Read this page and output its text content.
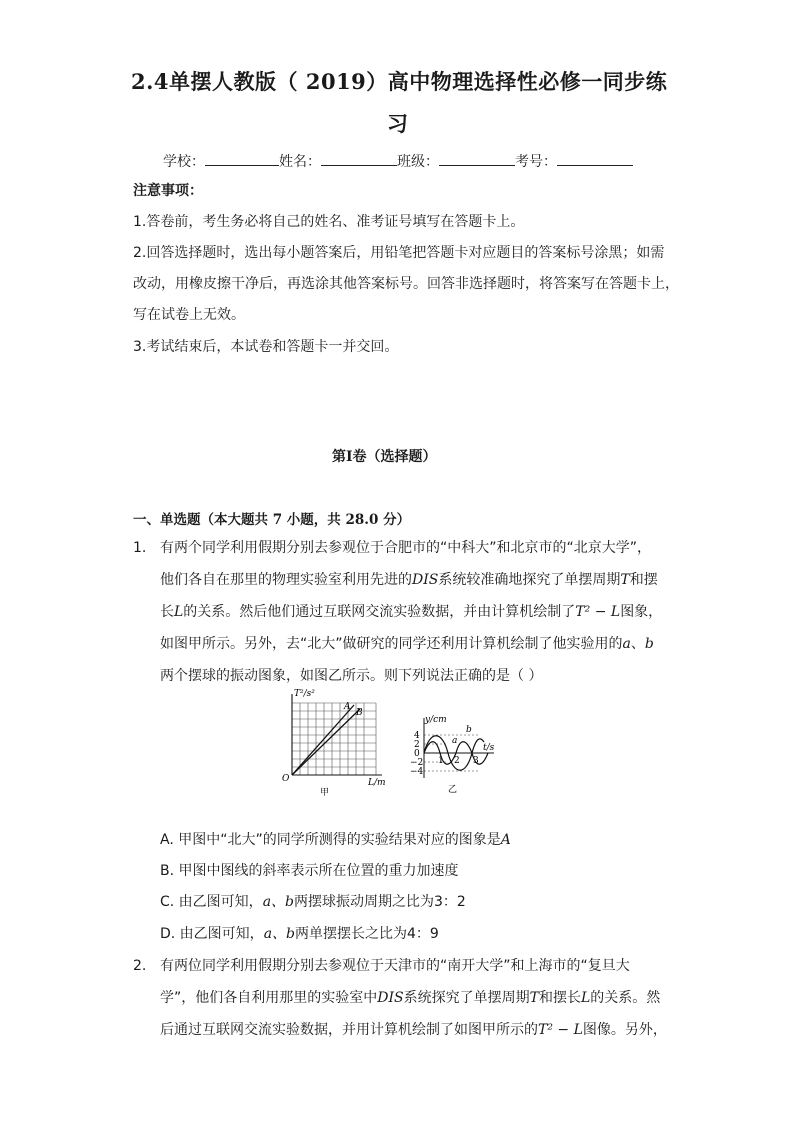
2.4单摆人教版（ 2019）高中物理选择性必修一同步练
习
学校：	姓名：	班级：	考号：
注意事项：
1.答卷前，考生务必将自己的姓名、准考证号填写在答题卡上。
2.回答选择题时，选出每小题答案后，用铅笔把答题卡对应题目的答案标号涂黑；如需
改动，用橡皮擦干净后，再选涂其他答案标号。回答非选择题时，将答案写在答题卡上，
写在试卷上无效。
3.考试结束后，本试卷和答题卡一并交回。
第I卷（选择题）
一、单选题（本大题共 7 小题，共 28.0 分）
1. 有两个同学利用假期分别去参观位于合肥市的“中科大”和北京市的“北京大学”，
他们各自在那里的物理实验室利用先进的DIS系统较准确地探究了单摆周期T和摆
长L的关系。然后他们通过互联网交流实验数据，并由计算机绘制了T² − L图象，
如图甲所示。另外，去“北大”做研究的同学还利用计算机绘制了他实验用的a、b
两个摆球的振动图象，如图乙所示。则下列说法正确的是（ ）
T²/s²
L/m
O
A
B
甲
y/cm
t/s
4
2
0
−2
−4
1 2 3
a
b
乙
A. 甲图中“北大”的同学所测得的实验结果对应的图象是A
B. 甲图中图线的斜率表示所在位置的重力加速度
C. 由乙图可知，a、b两摆球振动周期之比为3：2
D. 由乙图可知，a、b两单摆摆长之比为4：9
2. 有两位同学利用假期分别去参观位于天津市的“南开大学”和上海市的“复旦大
学”，他们各自利用那里的实验室中DIS系统探究了单摆周期T和摆长L的关系。然
后通过互联网交流实验数据，并用计算机绘制了如图甲所示的T² − L图像。另外，
